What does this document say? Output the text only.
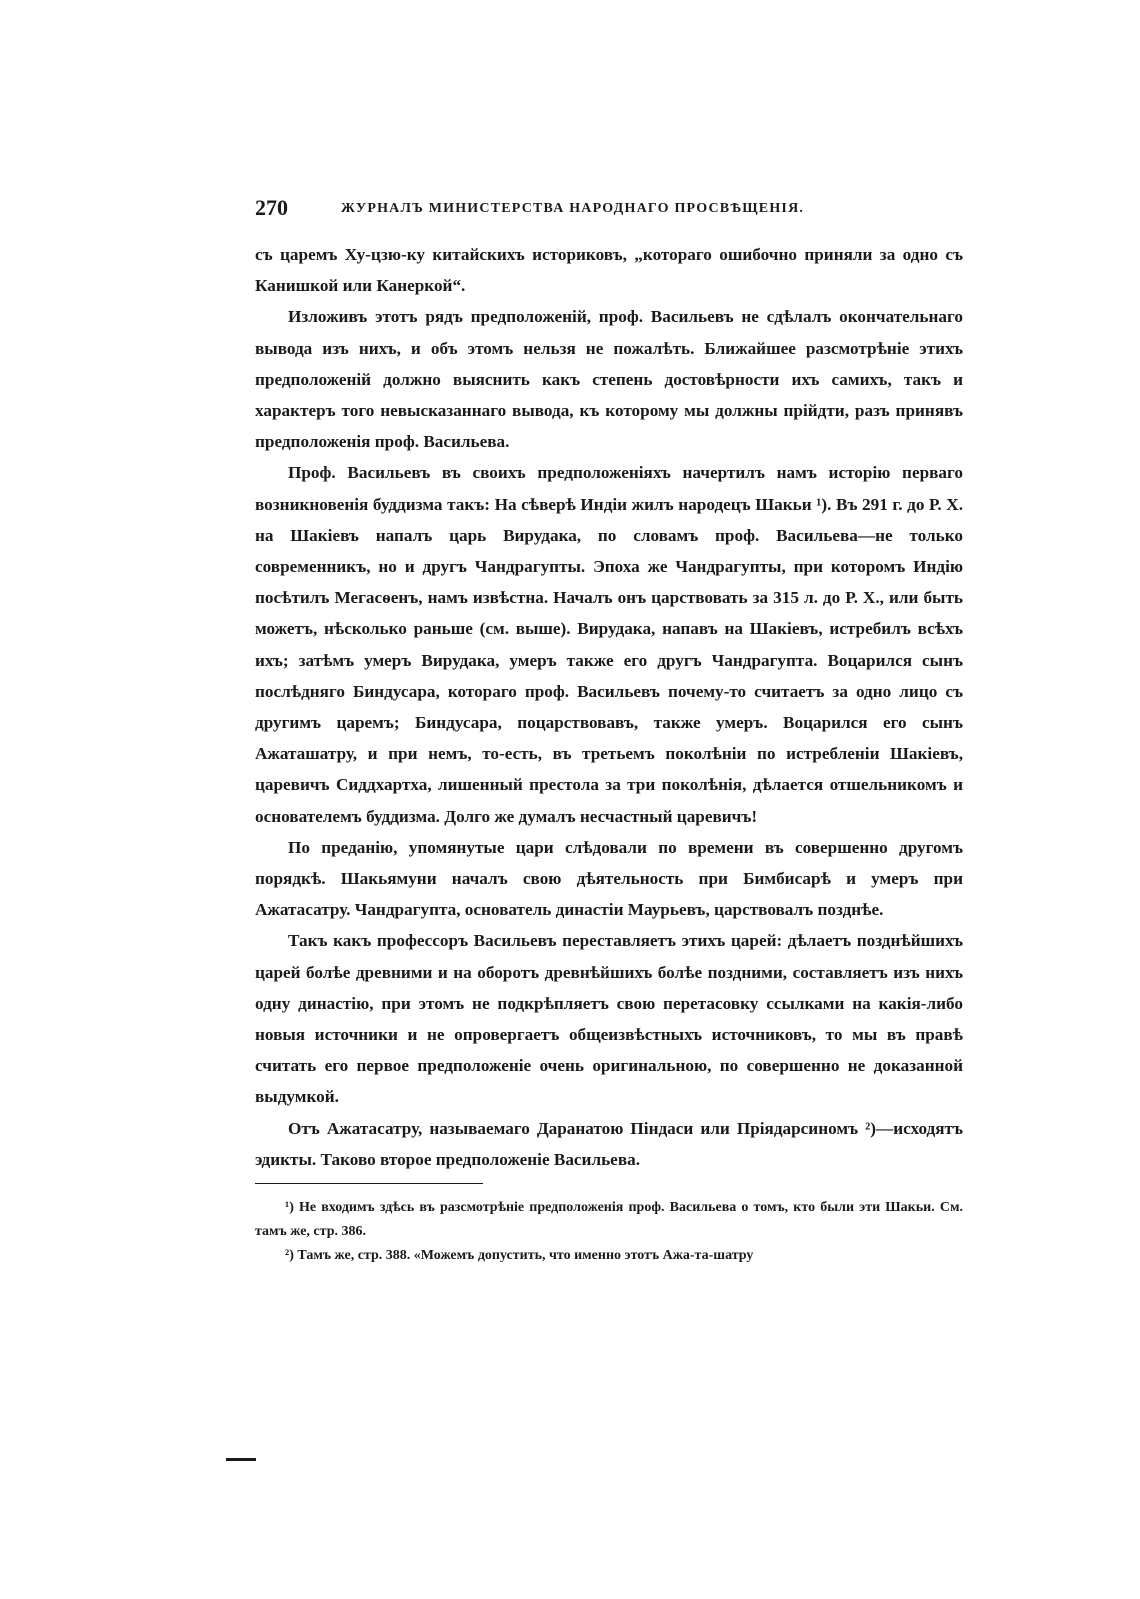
270	ЖУРНАЛЪ МИНИСТЕРСТВА НАРОДНАГО ПРОСВѢЩЕНІЯ.

съ царемъ Ху-цзю-ку китайскихъ историковъ, „котораго ошибочно приняли за одно съ Канишкой или Канеркой“.

Изложивъ этотъ рядъ предположеній, проф. Васильевъ не сдѣлалъ окончательнаго вывода изъ нихъ, и объ этомъ нельзя не пожалѣть. Ближайшее разсмотрѣніе этихъ предположеній должно выяснить какъ степень достовѣрности ихъ самихъ, такъ и характеръ того невысказаннаго вывода, къ которому мы должны прійдти, разъ принявъ предположенія проф. Васильева.

Проф. Васильевъ въ своихъ предположеніяхъ начертилъ намъ исторію перваго возникновенія буддизма такъ: На сѣверѣ Индіи жилъ народецъ Шакьи ¹). Въ 291 г. до Р. Х. на Шакіевъ напалъ царь Вирудака, по словамъ проф. Васильева—не только современникъ, но и другъ Чандрагупты. Эпоха же Чандрагупты, при которомъ Индію посѣтилъ Мегасѳенъ, намъ извѣстна. Началъ онъ царствовать за 315 л. до Р. Х., или быть можетъ, нѣсколько раньше (см. выше). Вирудака, напавъ на Шакіевъ, истребилъ всѣхъ ихъ; затѣмъ умеръ Вирудака, умеръ также его другъ Чандрагупта. Воцарился сынъ послѣдняго Биндусара, котораго проф. Васильевъ почему-то считаетъ за одно лицо съ другимъ царемъ; Биндусара, поцарствовавъ, также умеръ. Воцарился его сынъ Ажаташатру, и при немъ, то-есть, въ третьемъ поколѣніи по истребленіи Шакіевъ, царевичъ Сиддхартха, лишенный престола за три поколѣнія, дѣлается отшельникомъ и основателемъ буддизма. Долго же думалъ несчастный царевичъ!

По преданію, упомянутые цари слѣдовали по времени въ совершенно другомъ порядкѣ. Шакьямуни началъ свою дѣятельность при Бимбисарѣ и умеръ при Ажатасатру. Чандрагупта, основатель династіи Маурьевъ, царствовалъ позднѣе.

Такъ какъ профессоръ Васильевъ переставляетъ этихъ царей: дѣлаетъ позднѣйшихъ царей болѣе древними и на оборотъ древнѣйшихъ болѣе поздними, составляетъ изъ нихъ одну династію, при этомъ не подкрѣпляетъ свою перетасовку ссылками на какія-либо новыя источники и не опровергаетъ общеизвѣстныхъ источниковъ, то мы въ правѣ считать его первое предположеніе очень оригинальною, по совершенно не доказанной выдумкой.

Отъ Ажатасатру, называемаго Даранатою Піндаси или Пріядарсиномъ ²)—исходятъ эдикты. Таково второе предположеніе Васильева.

¹) Не входимъ здѣсь въ разсмотрѣніе предположенія проф. Васильева о томъ, кто были эти Шакьи. См. тамъ же, стр. 386.

²) Тамъ же, стр. 388. «Можемъ допустить, что именно этотъ Ажа-та-шатру
